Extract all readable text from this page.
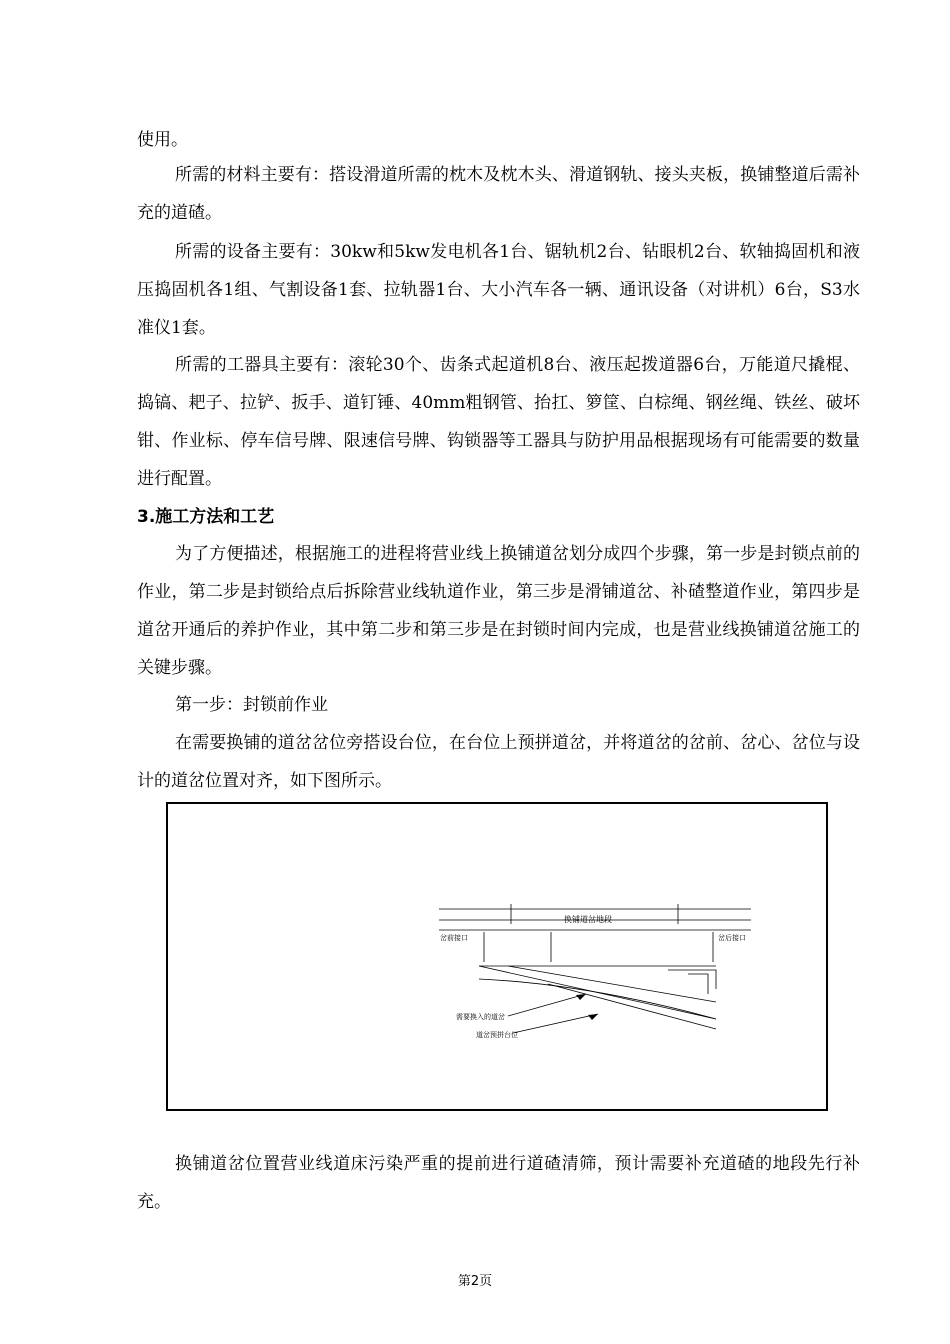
使用。

所需的材料主要有：搭设滑道所需的枕木及枕木头、滑道钢轨、接头夹板，换铺整道后需补充的道碴。

所需的设备主要有：30kw和5kw发电机各1台、锯轨机2台、钻眼机2台、软轴捣固机和液压捣固机各1组、气割设备1套、拉轨器1台、大小汽车各一辆、通讯设备（对讲机）6台，S3水准仪1套。

所需的工器具主要有：滚轮30个、齿条式起道机8台、液压起拨道器6台，万能道尺撬棍、捣镐、耙子、拉铲、扳手、道钉锤、40mm粗钢管、抬扛、箩筐、白棕绳、钢丝绳、铁丝、破坏钳、作业标、停车信号牌、限速信号牌、钩锁器等工器具与防护用品根据现场有可能需要的数量进行配置。

3.施工方法和工艺

为了方便描述，根据施工的进程将营业线上换铺道岔划分成四个步骤，第一步是封锁点前的作业，第二步是封锁给点后拆除营业线轨道作业，第三步是滑铺道岔、补碴整道作业，第四步是道岔开通后的养护作业，其中第二步和第三步是在封锁时间内完成，也是营业线换铺道岔施工的关键步骤。

第一步：封锁前作业

在需要换铺的道岔岔位旁搭设台位，在台位上预拼道岔，并将道岔的岔前、岔心、岔位与设计的道岔位置对齐，如下图所示。

换铺道岔地段
岔前接口	岔后接口
需要换入的道岔
道岔预拼台位

换铺道岔位置营业线道床污染严重的提前进行道碴清筛，预计需要补充道碴的地段先行补充。

第2页
